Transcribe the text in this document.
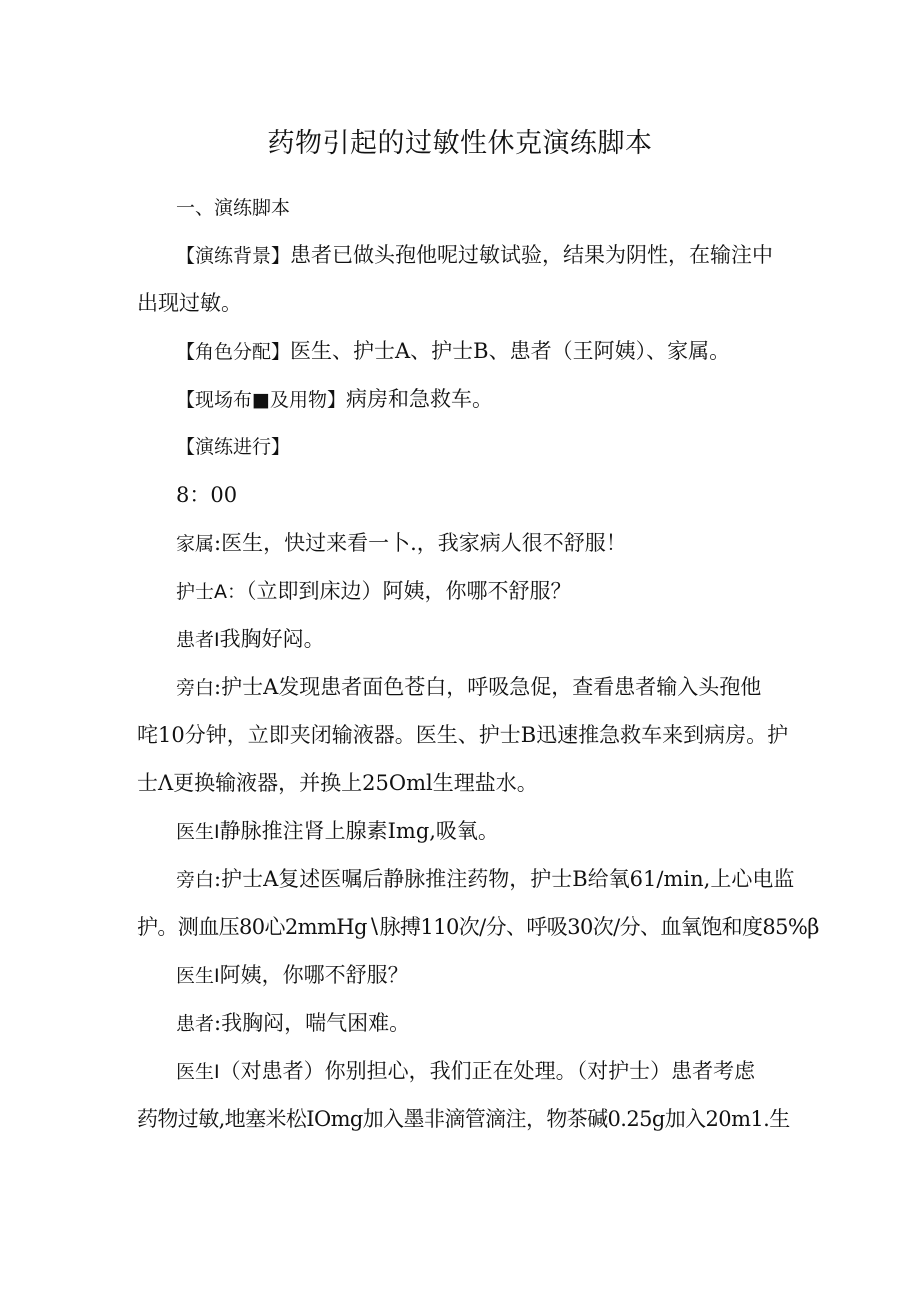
药物引起的过敏性休克演练脚本
一、演练脚本
【演练背景】患者已做头孢他呢过敏试验，结果为阴性，在输注中
出现过敏。
【角色分配】医生、护士A、护士B、患者（王阿姨）、家属。
【现场布■及用物】病房和急救车。
【演练进行】
8：00
家属:医生，快过来看一卜.，我家病人很不舒服！
护士A：（立即到床边）阿姨，你哪不舒服？
患者I我胸好闷。
旁白:护士A发现患者面色苍白，呼吸急促，查看患者输入头孢他
咤10分钟，立即夹闭输液器。医生、护士B迅速推急救车来到病房。护
士Λ更换输液器，并换上25Oml生理盐水。
医生I静脉推注肾上腺素Img,吸氧。
旁白:护士A复述医嘱后静脉推注药物，护士B给氧61∕min,上心电监
护。测血压80心2mmHg∖脉搏110次/分、呼吸30次/分、血氧饱和度85%β
医生I阿姨，你哪不舒服？
患者:我胸闷，喘气困难。
医生I（对患者）你别担心，我们正在处理。（对护士）患者考虑
药物过敏,地塞米松IOmg加入墨非滴管滴注，物茶碱0.25g加入20m1.生
